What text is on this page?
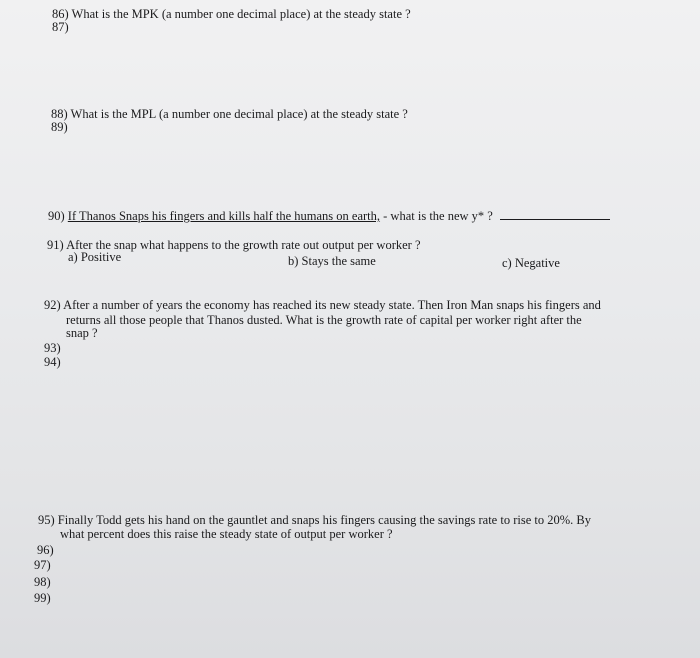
86) What is the MPK (a number one decimal place) at the steady state ?
87)
88) What is the MPL (a number one decimal place) at the steady state ?
89)
90) If Thanos Snaps his fingers and kills half the humans on earth, - what is the new y* ?
91) After the snap what happens to the growth rate out output per worker ?
a) Positive	b) Stays the same	c) Negative
92) After a number of years the economy has reached its new steady state. Then Iron Man snaps his fingers and
returns all those people that Thanos dusted. What is the growth rate of capital per worker right after the
snap ?
93)
94)
95) Finally Todd gets his hand on the gauntlet and snaps his fingers causing the savings rate to rise to 20%. By
what percent does this raise the steady state of output per worker ?
96)
97)
98)
99)
